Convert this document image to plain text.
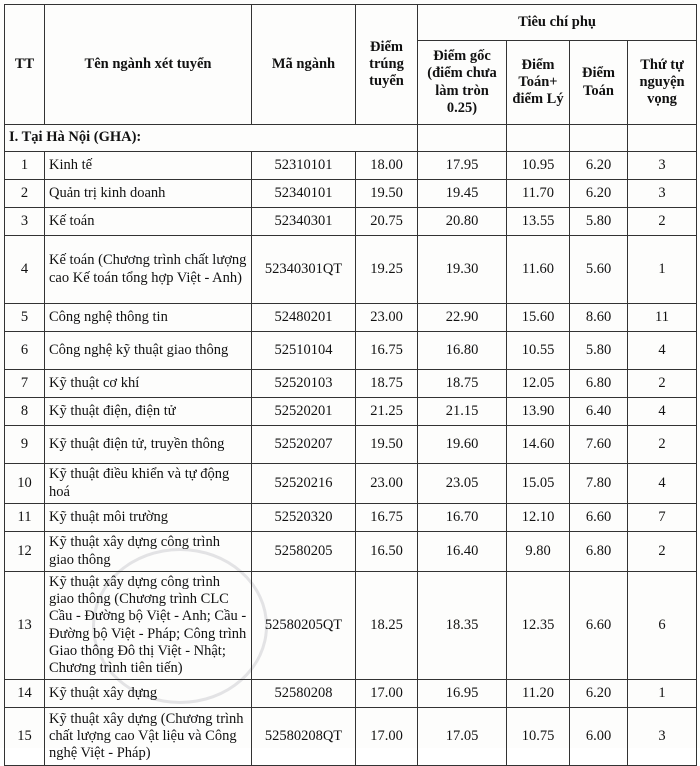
TT	Tên ngành xét tuyển	Mã ngành	Điểm trúng tuyển	Tiêu chí phụ			
				Điểm gốc (điểm chưa làm tròn 0.25)	Điểm Toán+ điểm Lý	Điểm Toán	Thứ tự nguyện vọng
I. Tại Hà Nội (GHA):							
1	Kinh tế	52310101	18.00	17.95	10.95	6.20	3
2	Quản trị kinh doanh	52340101	19.50	19.45	11.70	6.20	3
3	Kế toán	52340301	20.75	20.80	13.55	5.80	2
4	Kế toán (Chương trình chất lượng cao Kế toán tổng hợp Việt - Anh)	52340301QT	19.25	19.30	11.60	5.60	1
5	Công nghệ thông tin	52480201	23.00	22.90	15.60	8.60	11
6	Công nghệ kỹ thuật giao thông	52510104	16.75	16.80	10.55	5.80	4
7	Kỹ thuật cơ khí	52520103	18.75	18.75	12.05	6.80	2
8	Kỹ thuật điện, điện tử	52520201	21.25	21.15	13.90	6.40	4
9	Kỹ thuật điện tử, truyền thông	52520207	19.50	19.60	14.60	7.60	2
10	Kỹ thuật điều khiển và tự động hoá	52520216	23.00	23.05	15.05	7.80	4
11	Kỹ thuật môi trường	52520320	16.75	16.70	12.10	6.60	7
12	Kỹ thuật xây dựng công trình giao thông	52580205	16.50	16.40	9.80	6.80	2
13	Kỹ thuật xây dựng công trình giao thông (Chương trình CLC Cầu - Đường bộ Việt - Anh; Cầu - Đường bộ Việt - Pháp; Công trình Giao thông Đô thị Việt - Nhật; Chương trình tiên tiến)	52580205QT	18.25	18.35	12.35	6.60	6
14	Kỹ thuật xây dựng	52580208	17.00	16.95	11.20	6.20	1
15	Kỹ thuật xây dựng (Chương trình chất lượng cao Vật liệu và Công nghệ Việt - Pháp)	52580208QT	17.00	17.05	10.75	6.00	3
